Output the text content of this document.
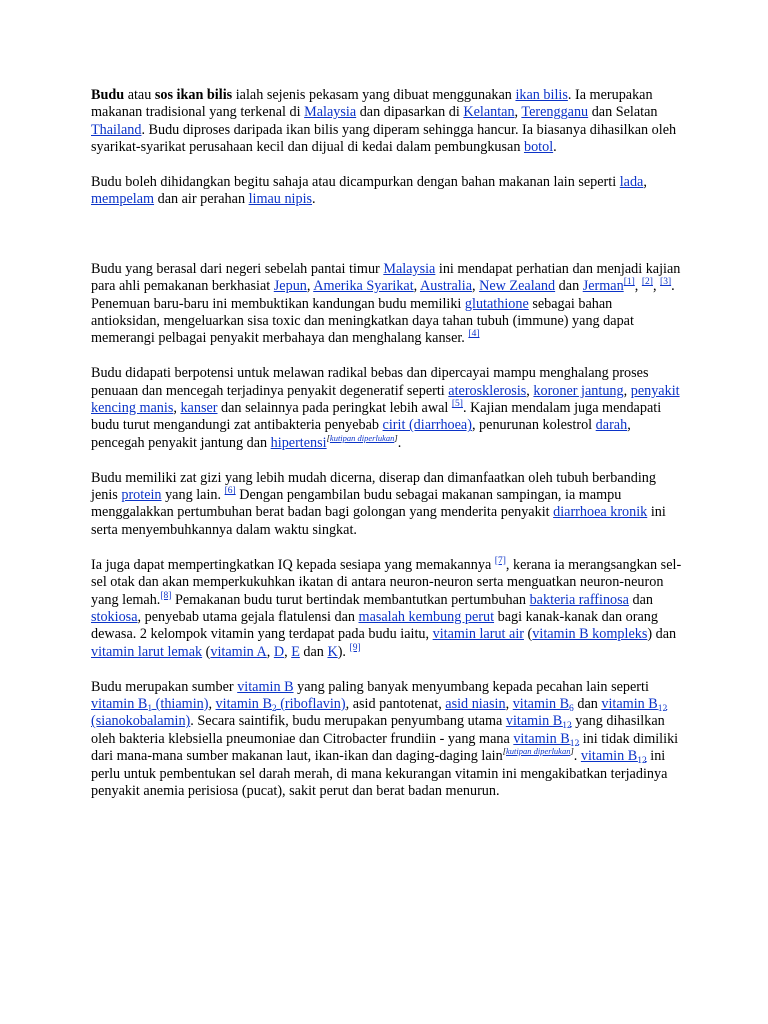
Budu atau sos ikan bilis ialah sejenis pekasam yang dibuat menggunakan ikan bilis. Ia merupakan makanan tradisional yang terkenal di Malaysia dan dipasarkan di Kelantan, Terengganu dan Selatan Thailand. Budu diproses daripada ikan bilis yang diperam sehingga hancur. Ia biasanya dihasilkan oleh syarikat-syarikat perusahaan kecil dan dijual di kedai dalam pembungkusan botol.

Budu boleh dihidangkan begitu sahaja atau dicampurkan dengan bahan makanan lain seperti lada, mempelam dan air perahan limau nipis.

Budu yang berasal dari negeri sebelah pantai timur Malaysia ini mendapat perhatian dan menjadi kajian para ahli pemakanan berkhasiat Jepun, Amerika Syarikat, Australia, New Zealand dan Jerman[1], [2], [3]. Penemuan baru-baru ini membuktikan kandungan budu memiliki glutathione sebagai bahan antioksidan, mengeluarkan sisa toxic dan meningkatkan daya tahan tubuh (immune) yang dapat memerangi pelbagai penyakit merbahaya dan menghalang kanser. [4]

Budu didapati berpotensi untuk melawan radikal bebas dan dipercayai mampu menghalang proses penuaan dan mencegah terjadinya penyakit degeneratif seperti aterosklerosis, koroner jantung, penyakit kencing manis, kanser dan selainnya pada peringkat lebih awal [5]. Kajian mendalam juga mendapati budu turut mengandungi zat antibakteria penyebab cirit (diarrhoea), penurunan kolestrol darah, pencegah penyakit jantung dan hipertensi[kutipan diperlukan].

Budu memiliki zat gizi yang lebih mudah dicerna, diserap dan dimanfaatkan oleh tubuh berbanding jenis protein yang lain. [6] Dengan pengambilan budu sebagai makanan sampingan, ia mampu menggalakkan pertumbuhan berat badan bagi golongan yang menderita penyakit diarrhoea kronik ini serta menyembuhkannya dalam waktu singkat.

Ia juga dapat mempertingkatkan IQ kepada sesiapa yang memakannya [7], kerana ia merangsangkan sel-sel otak dan akan memperkukuhkan ikatan di antara neuron-neuron serta menguatkan neuron-neuron yang lemah.[8] Pemakanan budu turut bertindak membantutkan pertumbuhan bakteria raffinosa dan stokiosa, penyebab utama gejala flatulensi dan masalah kembung perut bagi kanak-kanak dan orang dewasa. 2 kelompok vitamin yang terdapat pada budu iaitu, vitamin larut air (vitamin B kompleks) dan vitamin larut lemak (vitamin A, D, E dan K). [9]

Budu merupakan sumber vitamin B yang paling banyak menyumbang kepada pecahan lain seperti vitamin $B_1$ (thiamin), vitamin $B_2$ (riboflavin), asid pantotenat, asid niasin, vitamin $B_6$ dan vitamin $B_{12}$ (sianokobalamin). Secara saintifik, budu merupakan penyumbang utama vitamin $B_{12}$ yang dihasilkan oleh bakteria klebsiella pneumoniae dan Citrobacter frundiin - yang mana vitamin $B_{12}$ ini tidak dimiliki dari mana-mana sumber makanan laut, ikan-ikan dan daging-daging lain[kutipan diperlukan]. vitamin $B_{12}$ ini perlu untuk pembentukan sel darah merah, di mana kekurangan vitamin ini mengakibatkan terjadinya penyakit anemia perisiosa (pucat), sakit perut dan berat badan menurun.
